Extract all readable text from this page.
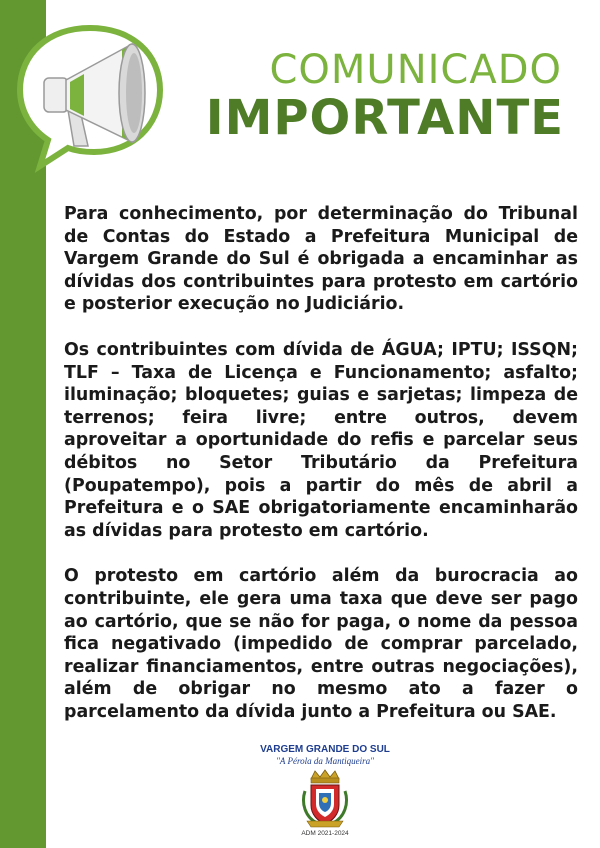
COMUNICADO
IMPORTANTE

Para conhecimento, por determinação do Tribunal de Contas do Estado a Prefeitura Municipal de Vargem Grande do Sul é obrigada a encaminhar as dívidas dos contribuintes para protesto em cartório e posterior execução no Judiciário.

Os contribuintes com dívida de ÁGUA; IPTU; ISSQN; TLF – Taxa de Licença e Funcionamento; asfalto; iluminação; bloquetes; guias e sarjetas; limpeza de terrenos; feira livre; entre outros, devem aproveitar a oportunidade do refis e parcelar seus débitos no Setor Tributário da Prefeitura (Poupatempo), pois a partir do mês de abril a Prefeitura e o SAE obrigatoriamente encaminharão as dívidas para protesto em cartório.

O protesto em cartório além da burocracia ao contribuinte, ele gera uma taxa que deve ser pago ao cartório, que se não for paga, o nome da pessoa fica negativado (impedido de comprar parcelado, realizar financiamentos, entre outras negociações), além de obrigar no mesmo ato a fazer o parcelamento da dívida junto a Prefeitura ou SAE.

VARGEM GRANDE DO SUL
"A Pérola da Mantiqueira"
ADM 2021-2024
